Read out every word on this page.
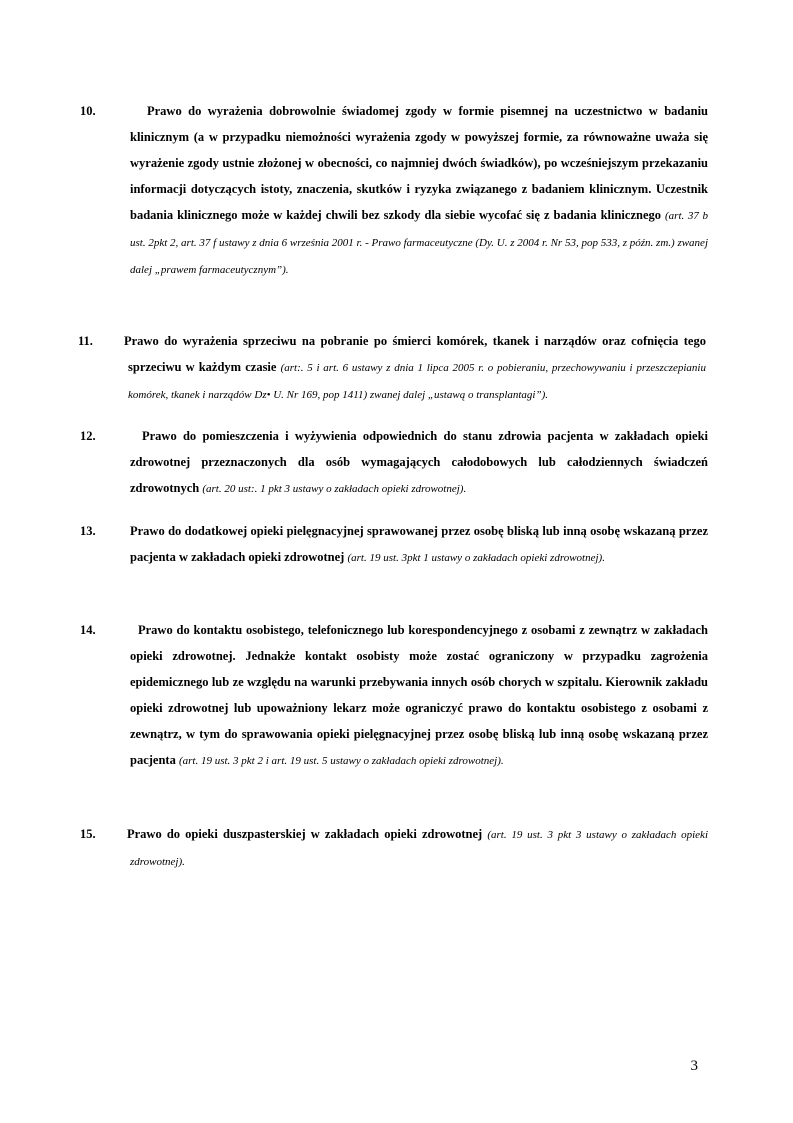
10.	Prawo do wyrażenia dobrowolnie świadomej zgody w formie pisemnej na uczestnictwo w badaniu klinicznym (a w przypadku niemożności wyrażenia zgody w powyższej formie, za równoważne uważa się wyrażenie zgody ustnie złożonej w obecności, co najmniej dwóch świadków), po wcześniejszym przekazaniu informacji dotyczących istoty, znaczenia, skutków i ryzyka związanego z badaniem klinicznym. Uczestnik badania klinicznego może w każdej chwili bez szkody dla siebie wycofać się z badania klinicznego (art. 37 b ust. 2pkt 2, art. 37 f ustawy z dnia 6 września 2001 r. - Prawo farmaceutyczne (Dy. U. z 2004 r. Nr 53, pop 533, z późn. zm.) zwanej dalej „prawem farmaceutycznym”).

11. Prawo do wyrażenia sprzeciwu na pobranie po śmierci komórek, tkanek i narządów oraz cofnięcia tego sprzeciwu w każdym czasie (art:. 5 i art. 6 ustawy z dnia 1 lipca 2005 r. o pobieraniu, przechowywaniu i przeszczepianiu komórek, tkanek i narządów Dz• U. Nr 169, pop 1411) zwanej dalej „ustawą o transplantagi”).

12.	Prawo do pomieszczenia i wyżywienia odpowiednich do stanu zdrowia pacjenta w zakładach opieki zdrowotnej przeznaczonych dla osób wymagających całodobowych lub całodziennych świadczeń zdrowotnych (art. 20 ust:. 1 pkt 3 ustawy o zakładach opieki zdrowotnej).

13.	Prawo do dodatkowej opieki pielęgnacyjnej sprawowanej przez osobę bliską lub inną osobę wskazaną przez pacjenta w zakładach opieki zdrowotnej (art. 19 ust. 3pkt 1 ustawy o zakładach opieki zdrowotnej).

14.	Prawo do kontaktu osobistego, telefonicznego lub korespondencyjnego z osobami z zewnątrz w zakładach opieki zdrowotnej. Jednakże kontakt osobisty może zostać ograniczony w przypadku zagrożenia epidemicznego lub ze względu na warunki przebywania innych osób chorych w szpitalu. Kierownik zakładu opieki zdrowotnej lub upoważniony lekarz może ograniczyć prawo do kontaktu osobistego z osobami z zewnątrz, w tym do sprawowania opieki pielęgnacyjnej przez osobę bliską lub inną osobę wskazaną przez pacjenta (art. 19 ust. 3 pkt 2 i art. 19 ust. 5 ustawy o zakładach opieki zdrowotnej).

15.	Prawo do opieki duszpasterskiej w zakładach opieki zdrowotnej (art. 19 ust. 3 pkt 3 ustawy o zakładach opieki zdrowotnej).

3
